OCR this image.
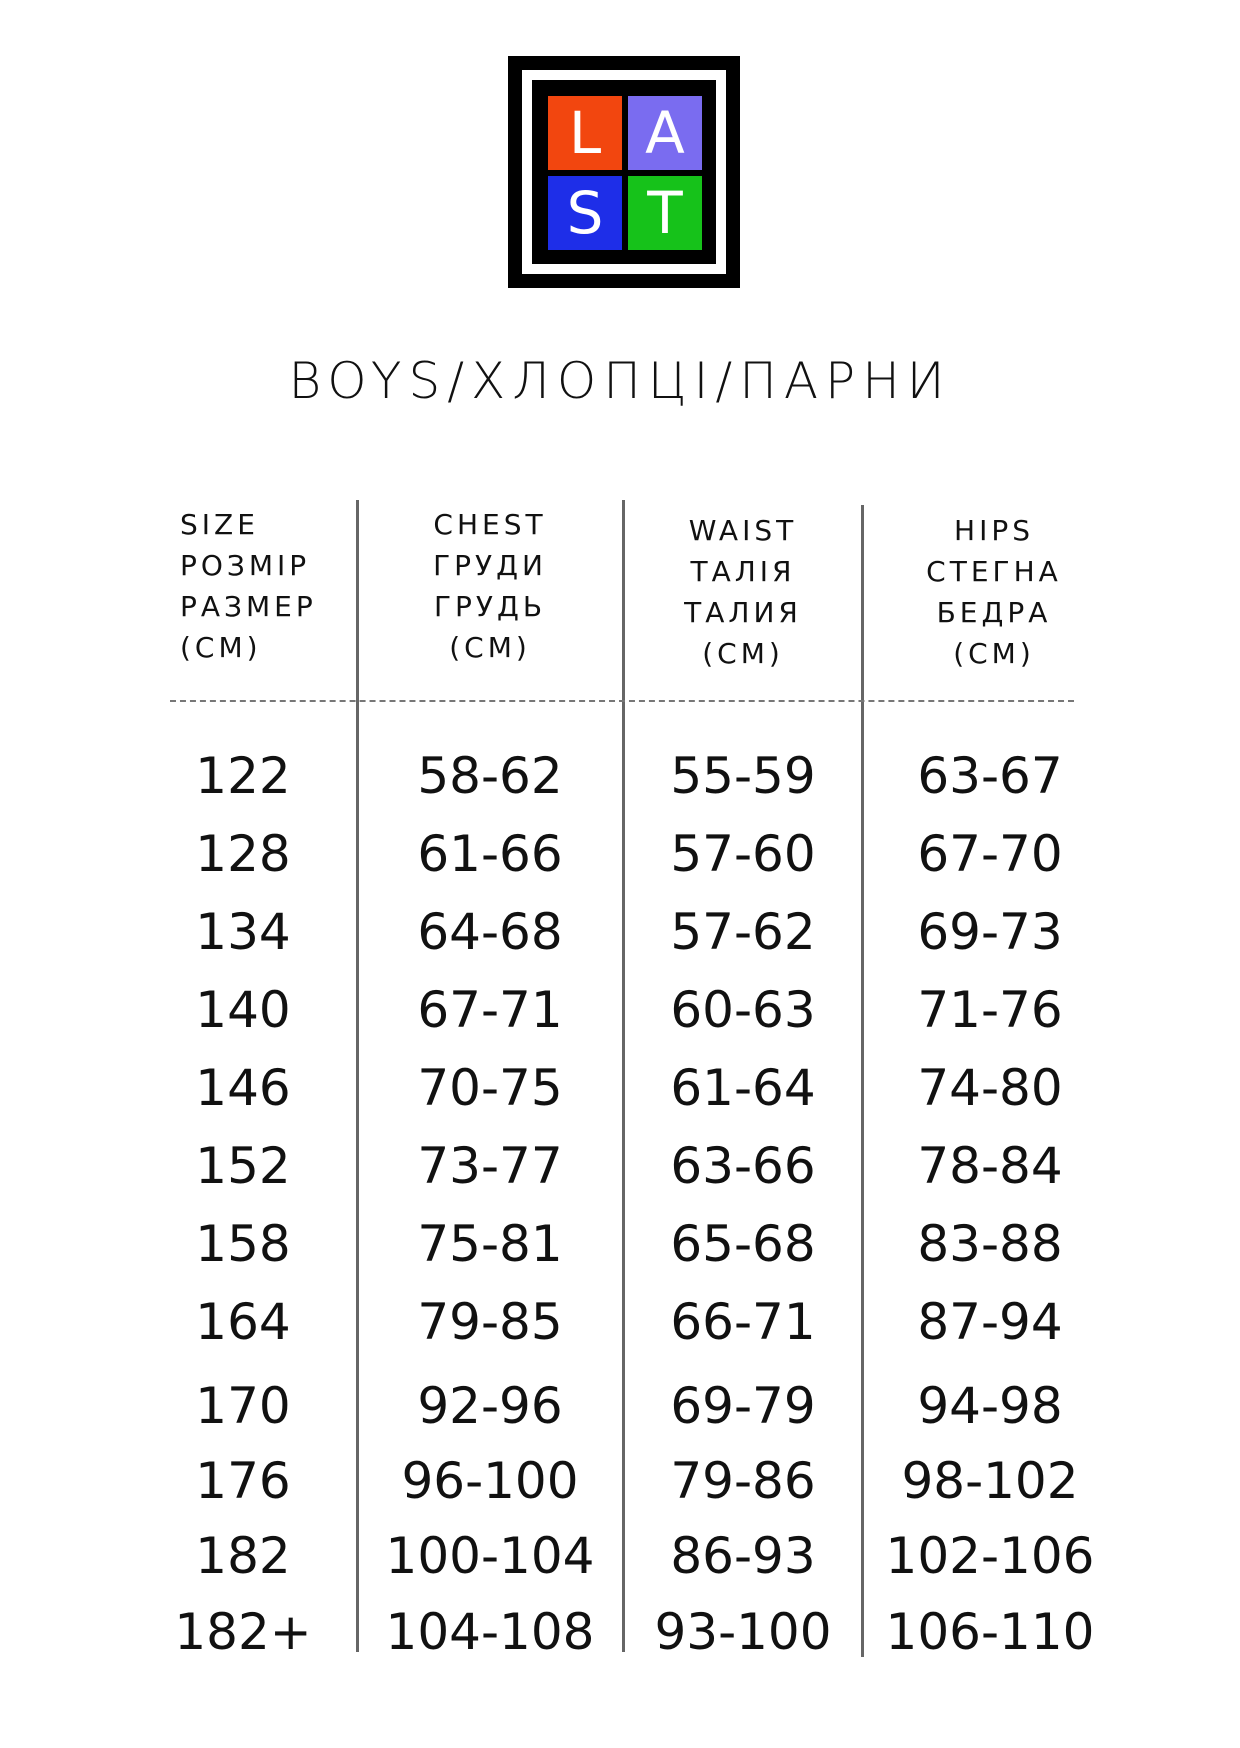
L A
S T
BOYS/ХЛОПЦІ/ПАРНИ
SIZE
РОЗМІР
РАЗМЕР
(CM)
CHEST
ГРУДИ
ГРУДЬ
(CM)
WAIST
ТАЛІЯ
ТАЛИЯ
(CM)
HIPS
СТЕГНА
БЕДРА
(CM)
122	58-62 55-59 63-67
128	61-66 57-60 67-70
134	64-68 57-62 69-73
140	67-71 60-63 71-76
146	70-75 61-64 74-80
152	73-77 63-66 78-84
158	75-81 65-68 83-88
164	79-85 66-71 87-94
170	92-96 69-79 94-98
176 96-100 79-86 98-102
182 100-104 86-93 102-106
182+ 104-108 93-100 106-110
